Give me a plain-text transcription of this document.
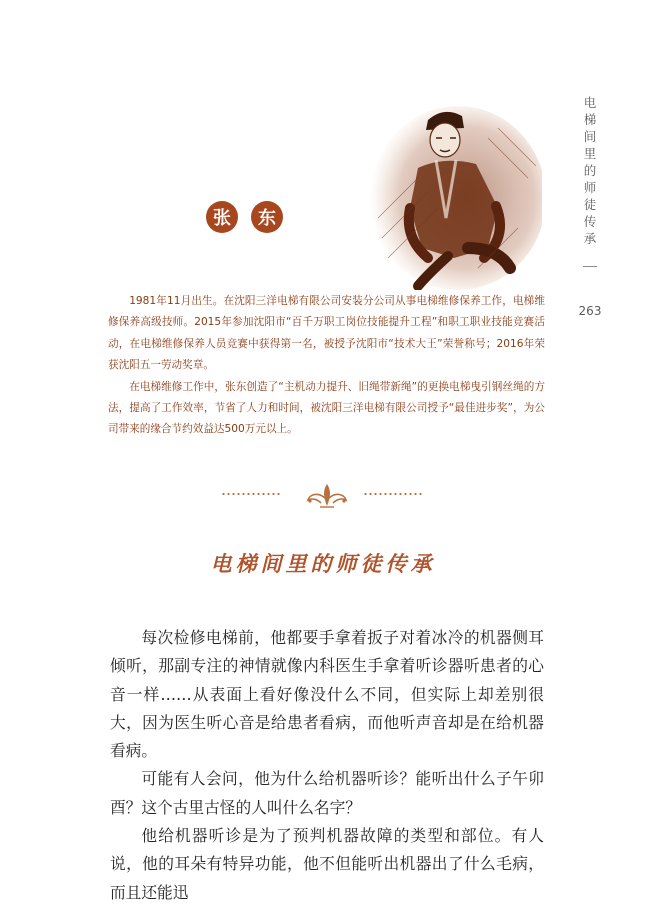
电梯间里的师徒传承
263
张	东

1981年11月出生。在沈阳三洋电梯有限公司安装分公司从事电梯维修保养工作，电梯维修保养高级技师。2015年参加沈阳市“百千万职工岗位技能提升工程”和职工职业技能竞赛活动，在电梯维修保养人员竞赛中获得第一名，被授予沈阳市“技术大王”荣誉称号；2016年荣获沈阳五一劳动奖章。

在电梯维修工作中，张东创造了“主机动力提升、旧绳带新绳”的更换电梯曳引钢丝绳的方法，提高了工作效率，节省了人力和时间，被沈阳三洋电梯有限公司授予“最佳进步奖”，为公司带来的缘合节约效益达500万元以上。

电梯间里的师徒传承

每次检修电梯前，他都要手拿着扳子对着冰冷的机器侧耳倾听，那副专注的神情就像内科医生手拿着听诊器听患者的心音一样……从表面上看好像没什么不同，但实际上却差别很大，因为医生听心音是给患者看病，而他听声音却是在给机器看病。

可能有人会问，他为什么给机器听诊？能听出什么子午卯酉？这个古里古怪的人叫什么名字？

他给机器听诊是为了预判机器故障的类型和部位。有人说，他的耳朵有特异功能，他不但能听出机器出了什么毛病，而且还能迅
